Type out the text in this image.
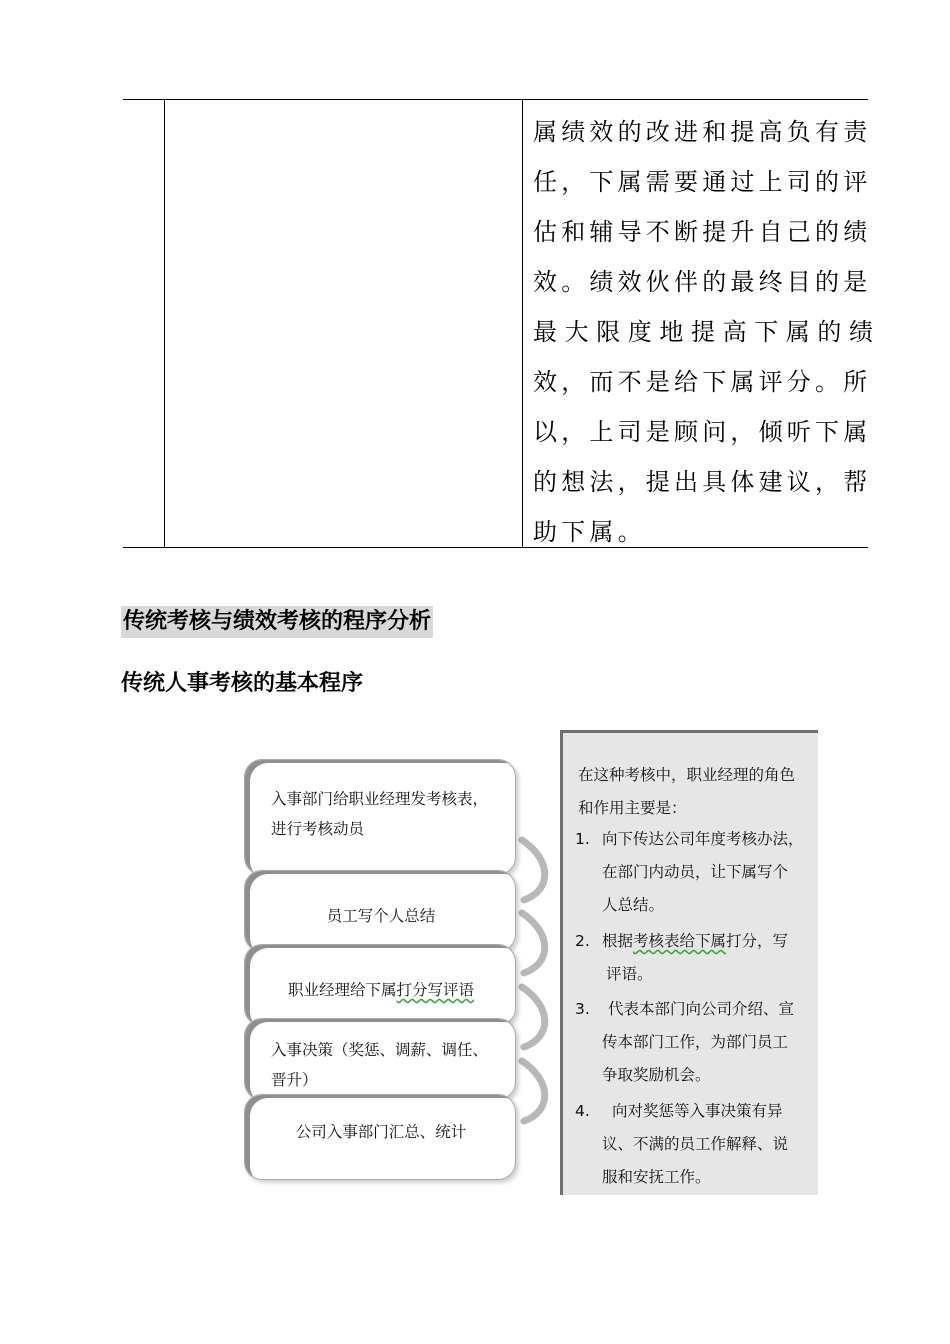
属绩效的改进和提高负有责
任，下属需要通过上司的评
估和辅导不断提升自己的绩
效。绩效伙伴的最终目的是
最大限度地提高下属的绩
效，而不是给下属评分。所
以，上司是顾问，倾听下属
的想法，提出具体建议，帮
助下属。
传统考核与绩效考核的程序分析
传统人事考核的基本程序
入事部门给职业经理发考核表，
进行考核动员
员工写个人总结
职业经理给下属打分写评语
入事决策（奖惩、调薪、调任、
晋升）
公司入事部门汇总、统计
在这种考核中，职业经理的角色
和作用主要是：
1. 向下传达公司年度考核办法，
在部门内动员，让下属写个
人总结。
2. 根据考核表给下属打分，写
评语。
3.	代表本部门向公司介绍、宣
传本部门工作，为部门员工
争取奖励机会。
4.	向对奖惩等入事决策有异
议、不满的员工作解释、说
服和安抚工作。
